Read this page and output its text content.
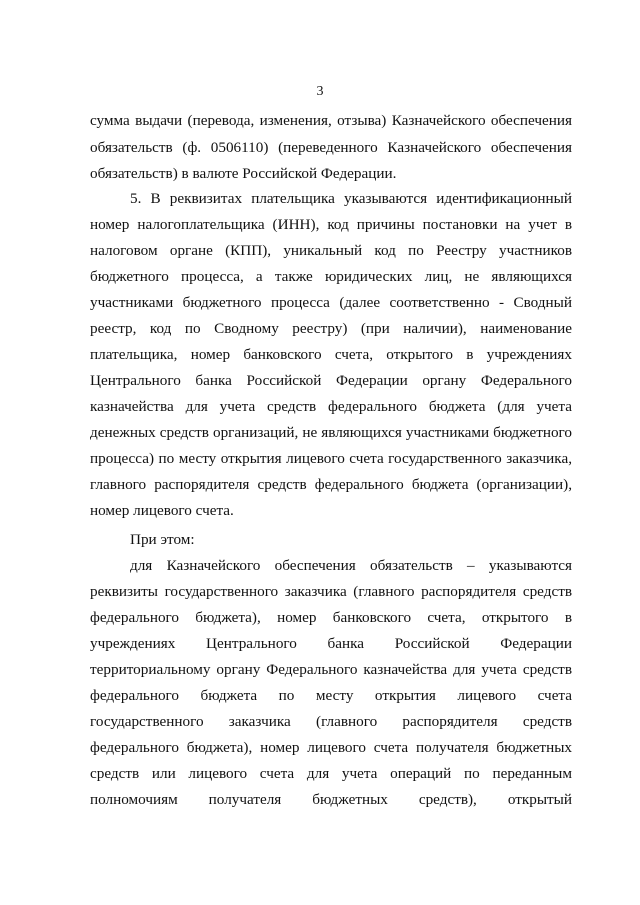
3
сумма выдачи (перевода, изменения, отзыва) Казначейского обеспечения
обязательств (ф. 0506110) (переведенного Казначейского обеспечения
обязательств) в валюте Российской Федерации.
5. В реквизитах плательщика указываются идентификационный
номер налогоплательщика (ИНН), код причины постановки на учет в
налоговом органе (КПП), уникальный код по Реестру участников
бюджетного процесса, а также юридических лиц, не являющихся
участниками бюджетного процесса (далее соответственно - Сводный
реестр, код по Сводному реестру) (при наличии), наименование
плательщика, номер банковского счета, открытого в учреждениях
Центрального банка Российской Федерации органу Федерального
казначейства для учета средств федерального бюджета (для учета
денежных средств организаций, не являющихся участниками бюджетного
процесса) по месту открытия лицевого счета государственного заказчика,
главного распорядителя средств федерального бюджета (организации),
номер лицевого счета.
При этом:
для Казначейского обеспечения обязательств – указываются
реквизиты государственного заказчика (главного распорядителя средств
федерального бюджета), номер банковского счета, открытого в
учреждениях Центрального банка Российской Федерации
территориальному органу Федерального казначейства для учета средств
федерального бюджета по месту открытия лицевого счета
государственного заказчика (главного распорядителя средств
федерального бюджета), номер лицевого счета получателя бюджетных
средств или лицевого счета для учета операций по переданным
полномочиям получателя бюджетных средств), открытый
